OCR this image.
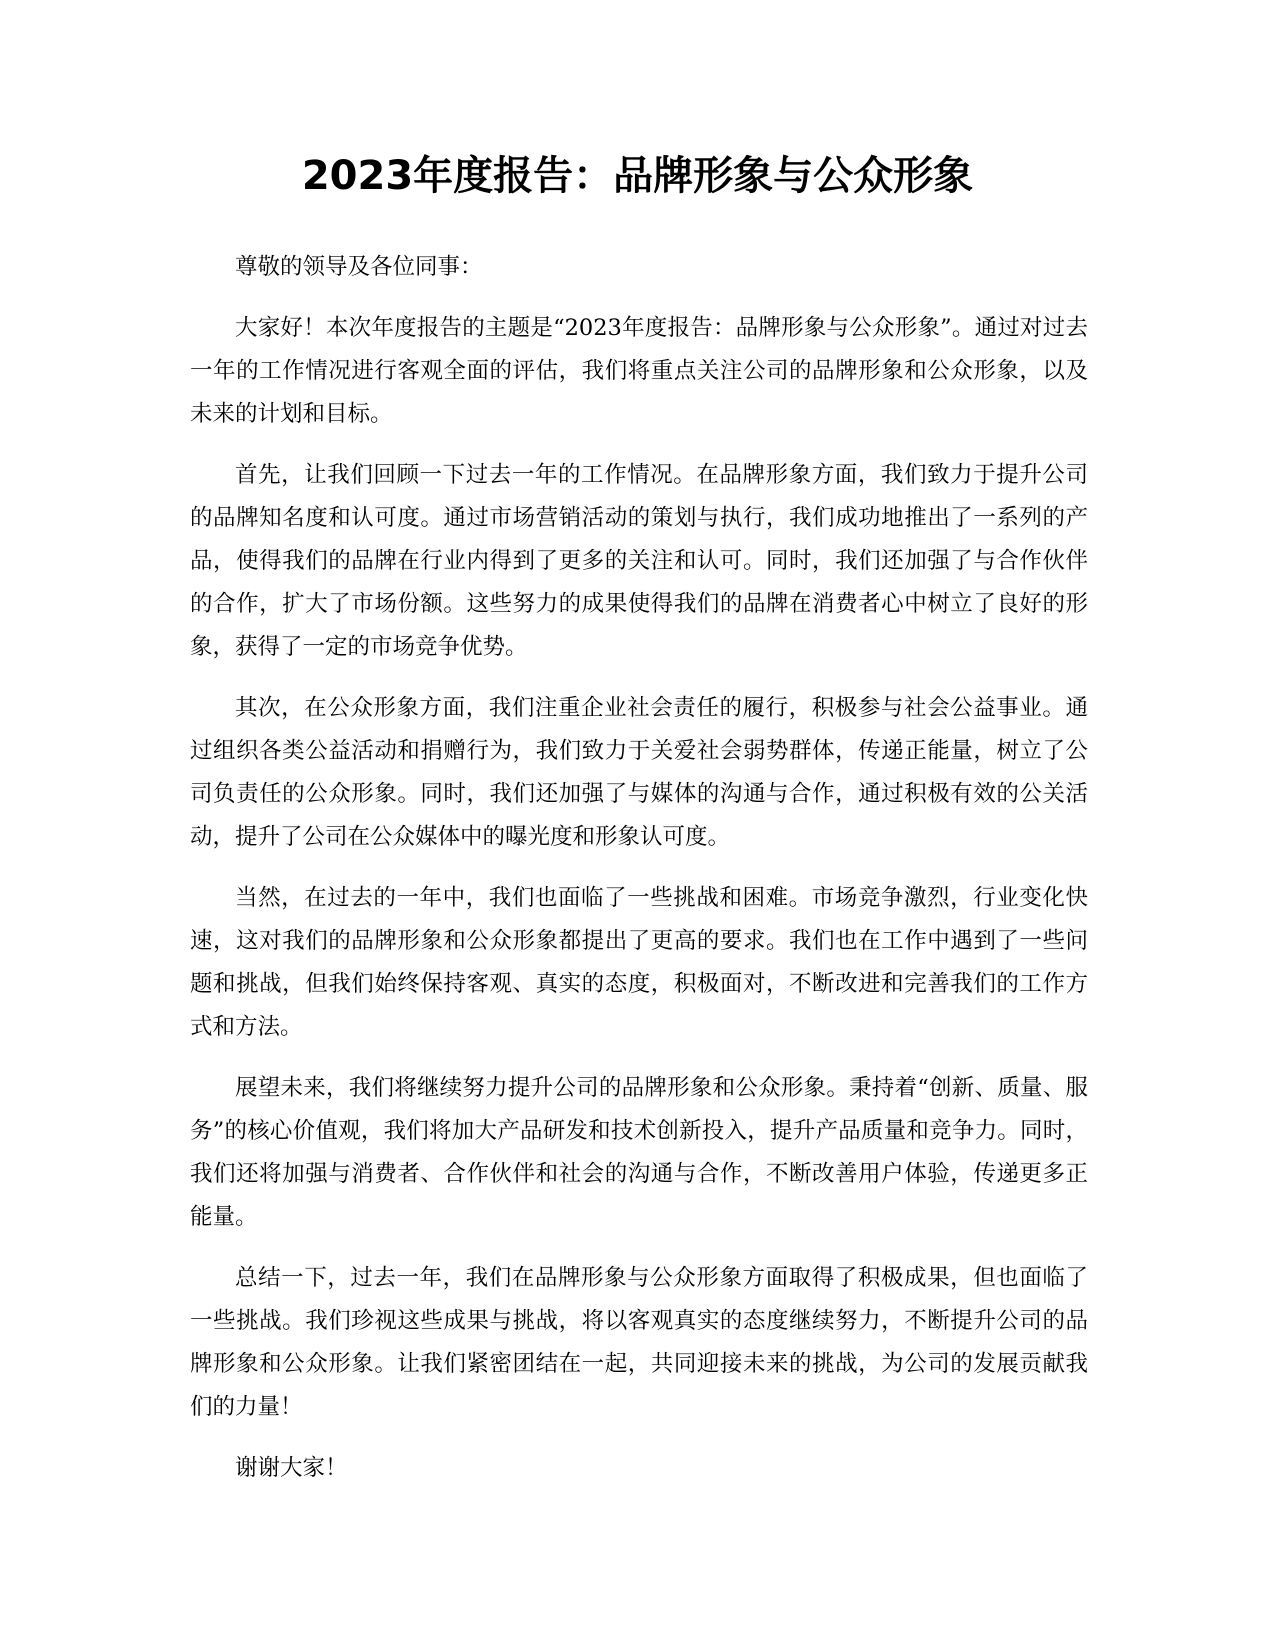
2023年度报告：品牌形象与公众形象

尊敬的领导及各位同事：

大家好！本次年度报告的主题是“2023年度报告：品牌形象与公众形象”。通过对过去一年的工作情况进行客观全面的评估，我们将重点关注公司的品牌形象和公众形象，以及未来的计划和目标。

首先，让我们回顾一下过去一年的工作情况。在品牌形象方面，我们致力于提升公司的品牌知名度和认可度。通过市场营销活动的策划与执行，我们成功地推出了一系列的产品，使得我们的品牌在行业内得到了更多的关注和认可。同时，我们还加强了与合作伙伴的合作，扩大了市场份额。这些努力的成果使得我们的品牌在消费者心中树立了良好的形象，获得了一定的市场竞争优势。

其次，在公众形象方面，我们注重企业社会责任的履行，积极参与社会公益事业。通过组织各类公益活动和捐赠行为，我们致力于关爱社会弱势群体，传递正能量，树立了公司负责任的公众形象。同时，我们还加强了与媒体的沟通与合作，通过积极有效的公关活动，提升了公司在公众媒体中的曝光度和形象认可度。

当然，在过去的一年中，我们也面临了一些挑战和困难。市场竞争激烈，行业变化快速，这对我们的品牌形象和公众形象都提出了更高的要求。我们也在工作中遇到了一些问题和挑战，但我们始终保持客观、真实的态度，积极面对，不断改进和完善我们的工作方式和方法。

展望未来，我们将继续努力提升公司的品牌形象和公众形象。秉持着“创新、质量、服务”的核心价值观，我们将加大产品研发和技术创新投入，提升产品质量和竞争力。同时，我们还将加强与消费者、合作伙伴和社会的沟通与合作，不断改善用户体验，传递更多正能量。

总结一下，过去一年，我们在品牌形象与公众形象方面取得了积极成果，但也面临了一些挑战。我们珍视这些成果与挑战，将以客观真实的态度继续努力，不断提升公司的品牌形象和公众形象。让我们紧密团结在一起，共同迎接未来的挑战，为公司的发展贡献我们的力量！

谢谢大家！
